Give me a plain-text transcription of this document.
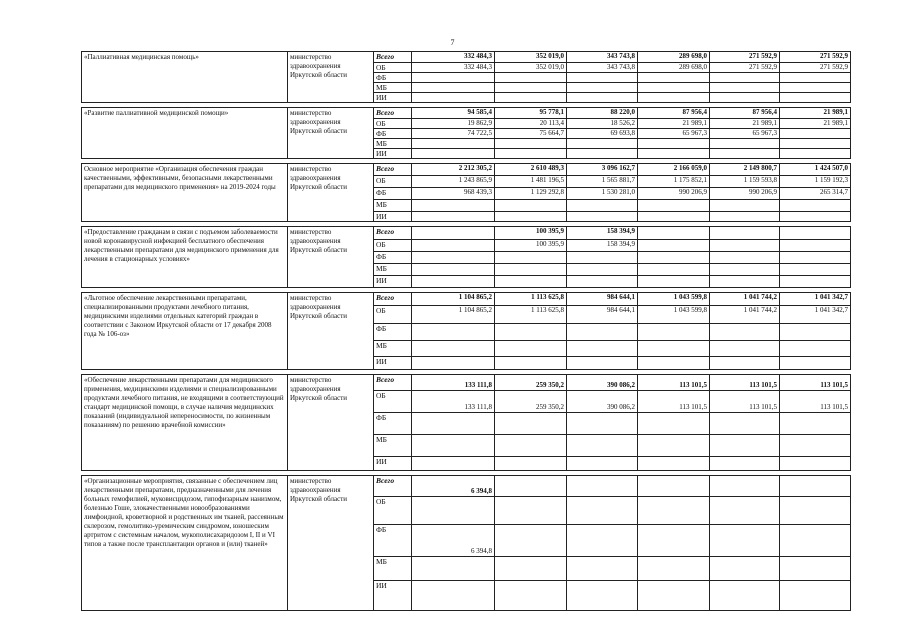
7
«Паллиативная медицинская помощь»	министерство здравоохранения Иркутской области	Всего	332 484,3	352 019,0	343 743,8	289 698,0	271 592,9	271 592,9
		ОБ	332 484,3	352 019,0	343 743,8	289 698,0	271 592,9	271 592,9
		ФБ						
		МБ						
		ИИ						

«Развитие паллиативной медицинской помощи»	министерство здравоохранения Иркутской области	Всего	94 585,4	95 778,1	88 220,0	87 956,4	87 956,4	21 989,1
		ОБ	19 862,9	20 113,4	18 526,2	21 989,1	21 989,1	21 989,1
		ФБ	74 722,5	75 664,7	69 693,8	65 967,3	65 967,3	
		МБ						
		ИИ						

Основное мероприятие «Организация обеспечения граждан качественными, эффективными, безопасными лекарственными препаратами для медицинского применения» на 2019-2024 годы	министерство здравоохранения Иркутской области	Всего	2 212 305,2	2 610 489,3	3 096 162,7	2 166 059,0	2 149 800,7	1 424 507,0
		ОБ	1 243 865,9	1 481 196,5	1 565 881,7	1 175 852,1	1 159 593,8	1 159 192,3
		ФБ	968 439,3	1 129 292,8	1 530 281,0	990 206,9	990 206,9	265 314,7
		МБ						
		ИИ						

«Предоставление гражданам в связи с подъемом заболеваемости новой коронавирусной инфекцией бесплатного обеспечения лекарственными препаратами для медицинского применения для лечения в стационарных условиях»	министерство здравоохранения Иркутской области	Всего		100 395,9	158 394,9			
		ОБ		100 395,9	158 394,9			
		ФБ						
		МБ						
		ИИ						

«Льготное обеспечение лекарственными препаратами, специализированными продуктами лечебного питания, медицинскими изделиями отдельных категорий граждан в соответствии с Законом Иркутской области от 17 декабря 2008 года № 106-оз»	министерство здравоохранения Иркутской области	Всего	1 104 865,2	1 113 625,8	984 644,1	1 043 599,8	1 041 744,2	1 041 342,7
		ОБ	1 104 865,2	1 113 625,8	984 644,1	1 043 599,8	1 041 744,2	1 041 342,7
		ФБ						
		МБ						
		ИИ						

«Обеспечение лекарственными препаратами для медицинского применения, медицинскими изделиями и специализированными продуктами лечебного питания, не входящими в соответствующий стандарт медицинской помощи, в случае наличия медицинских показаний (индивидуальной непереносимости, по жизненным показаниям) по решению врачебной комиссии»	министерство здравоохранения Иркутской области	Всего	133 111,8	259 350,2	390 086,2	113 101,5	113 101,5	113 101,5
		ОБ	133 111,8	259 350,2	390 086,2	113 101,5	113 101,5	113 101,5
		ФБ						
		МБ						
		ИИ						

«Организационные мероприятия, связанные с обеспечением лиц лекарственными препаратами, предназначенными для лечения больных гемофилией, муковисцидозом, гипофизарным нанизмом, болезнью Гоше, злокачественными новообразованиями лимфоидной, кроветворной и родственных им тканей, рассеянным склерозом, гемолитико-уремическим синдромом, юношеским артритом с системным началом, мукополисахаридозом I, II и VI типов а также после трансплантации органов и (или) тканей»	министерство здравоохранения Иркутской области	Всего	6 394,8					
		ОБ						
		ФБ	6 394,8					
		МБ						
		ИИ						
